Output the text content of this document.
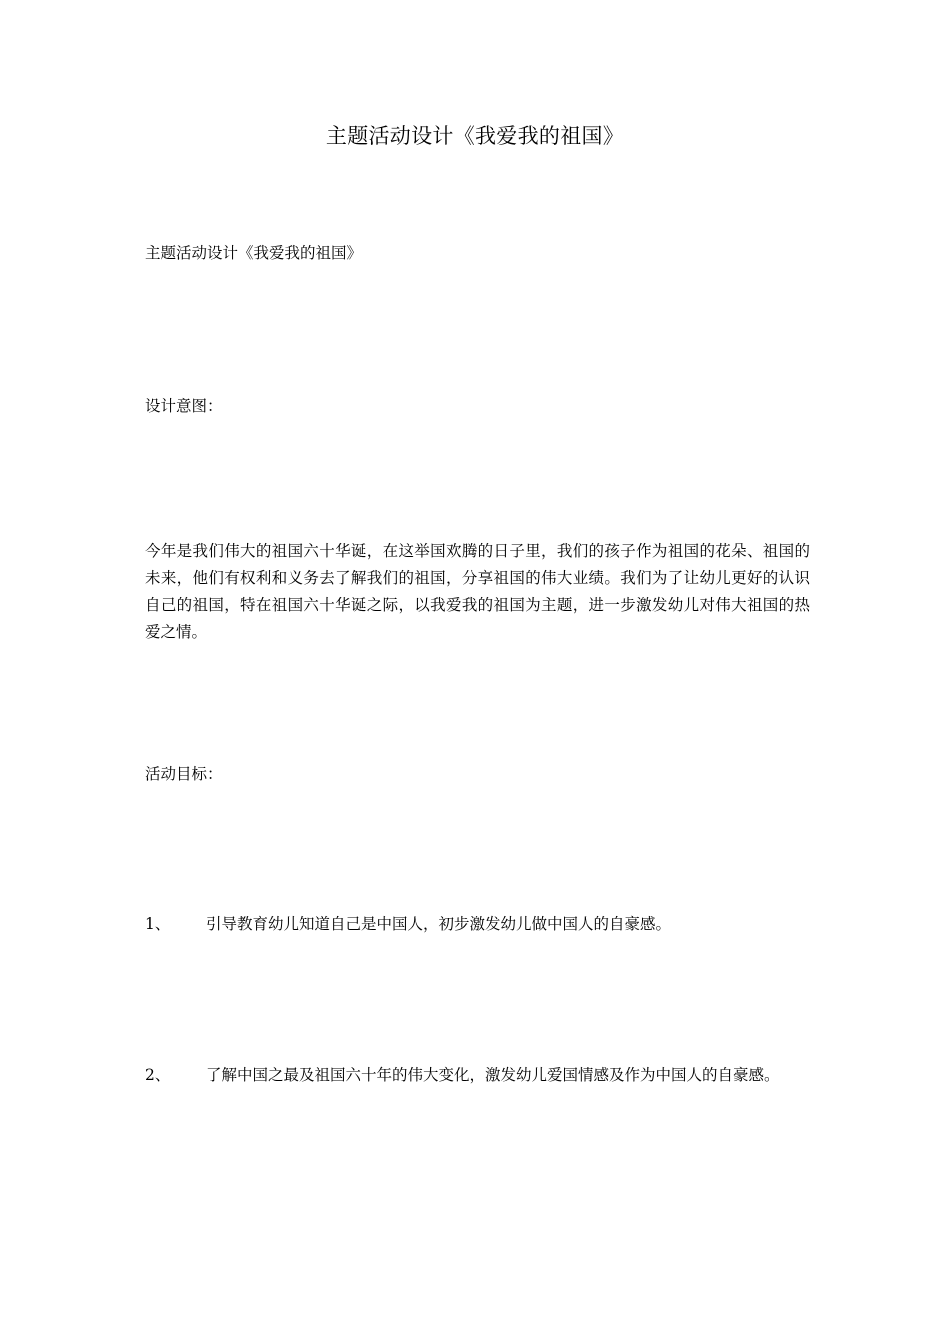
主题活动设计《我爱我的祖国》

主题活动设计《我爱我的祖国》

设计意图：

今年是我们伟大的祖国六十华诞，在这举国欢腾的日子里，我们的孩子作为祖国的花朵、祖国的未来，他们有权利和义务去了解我们的祖国，分享祖国的伟大业绩。我们为了让幼儿更好的认识自己的祖国，特在祖国六十华诞之际，以我爱我的祖国为主题，进一步激发幼儿对伟大祖国的热爱之情。

活动目标：

1、 引导教育幼儿知道自己是中国人，初步激发幼儿做中国人的自豪感。
2、 了解中国之最及祖国六十年的伟大变化，激发幼儿爱国情感及作为中国人的自豪感。
